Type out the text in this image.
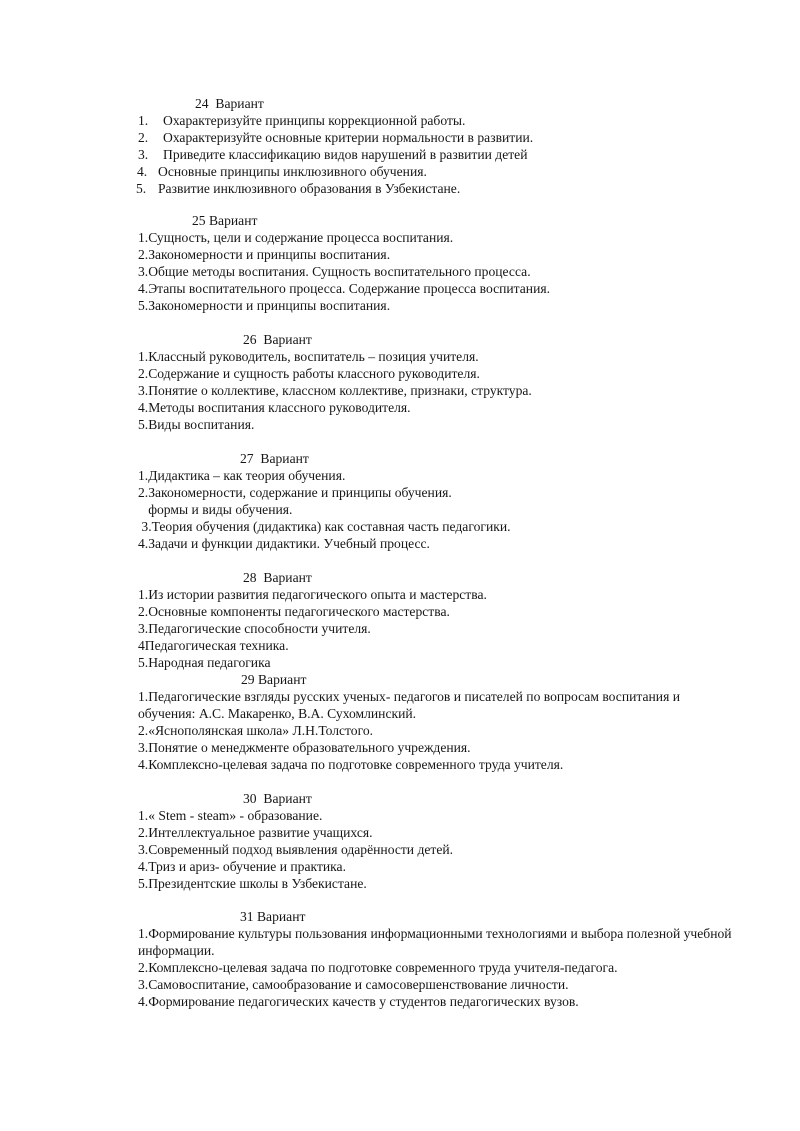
24  Вариант

1. Охарактеризуйте принципы коррекционной работы.

2. Охарактеризуйте основные критерии нормальности в развитии.

3. Приведите классификацию видов нарушений в развитии детей

4. Основные принципы инклюзивного обучения.

5. Развитие инклюзивного образования в Узбекистане.

25 Вариант

1.Сущность, цели и содержание процесса воспитания.

2.Закономерности и принципы воспитания.

3.Общие методы воспитания. Сущность воспитательного процесса.

4.Этапы воспитательного процесса. Содержание процесса воспитания.

5.Закономерности и принципы воспитания.

26  Вариант

1.Классный руководитель, воспитатель – позиция учителя.

2.Содержание и сущность работы классного руководителя.

3.Понятие о коллективе, классном коллективе, признаки, структура.

4.Методы воспитания классного руководителя.

5.Виды воспитания.

27  Вариант

1.Дидактика – как теория обучения.

2.Закономерности, содержание и принципы обучения.

формы и виды обучения.

3.Теория обучения (дидактика) как составная часть педагогики.

4.Задачи и функции дидактики. Учебный процесс.

28  Вариант

1.Из истории развития педагогического опыта и мастерства.

2.Основные компоненты педагогического мастерства.

3.Педагогические способности учителя.

4Педагогическая техника.

5.Народная педагогика

29 Вариант

1.Педагогические взгляды русских ученых- педагогов и писателей по вопросам воспитания и обучения: А.С. Макаренко, В.А. Сухомлинский.

2.«Яснополянская школа» Л.Н.Толстого.

3.Понятие о менеджменте образовательного учреждения.

4.Комплексно-целевая задача по подготовке современного труда учителя.

30  Вариант

1.« Stem - steam» - образование.

2.Интеллектуальное развитие учащихся.

3.Современный подход выявления одарённости детей.

4.Триз и ариз- обучение и практика.

5.Президентские школы в Узбекистане.

31 Вариант

1.Формирование культуры пользования информационными технологиями и выбора полезной учебной информации.

2.Комплексно-целевая задача по подготовке современного труда учителя-педагога.

3.Самовоспитание, самообразование и самосовершенствование личности.

4.Формирование педагогических качеств у студентов педагогических вузов.
